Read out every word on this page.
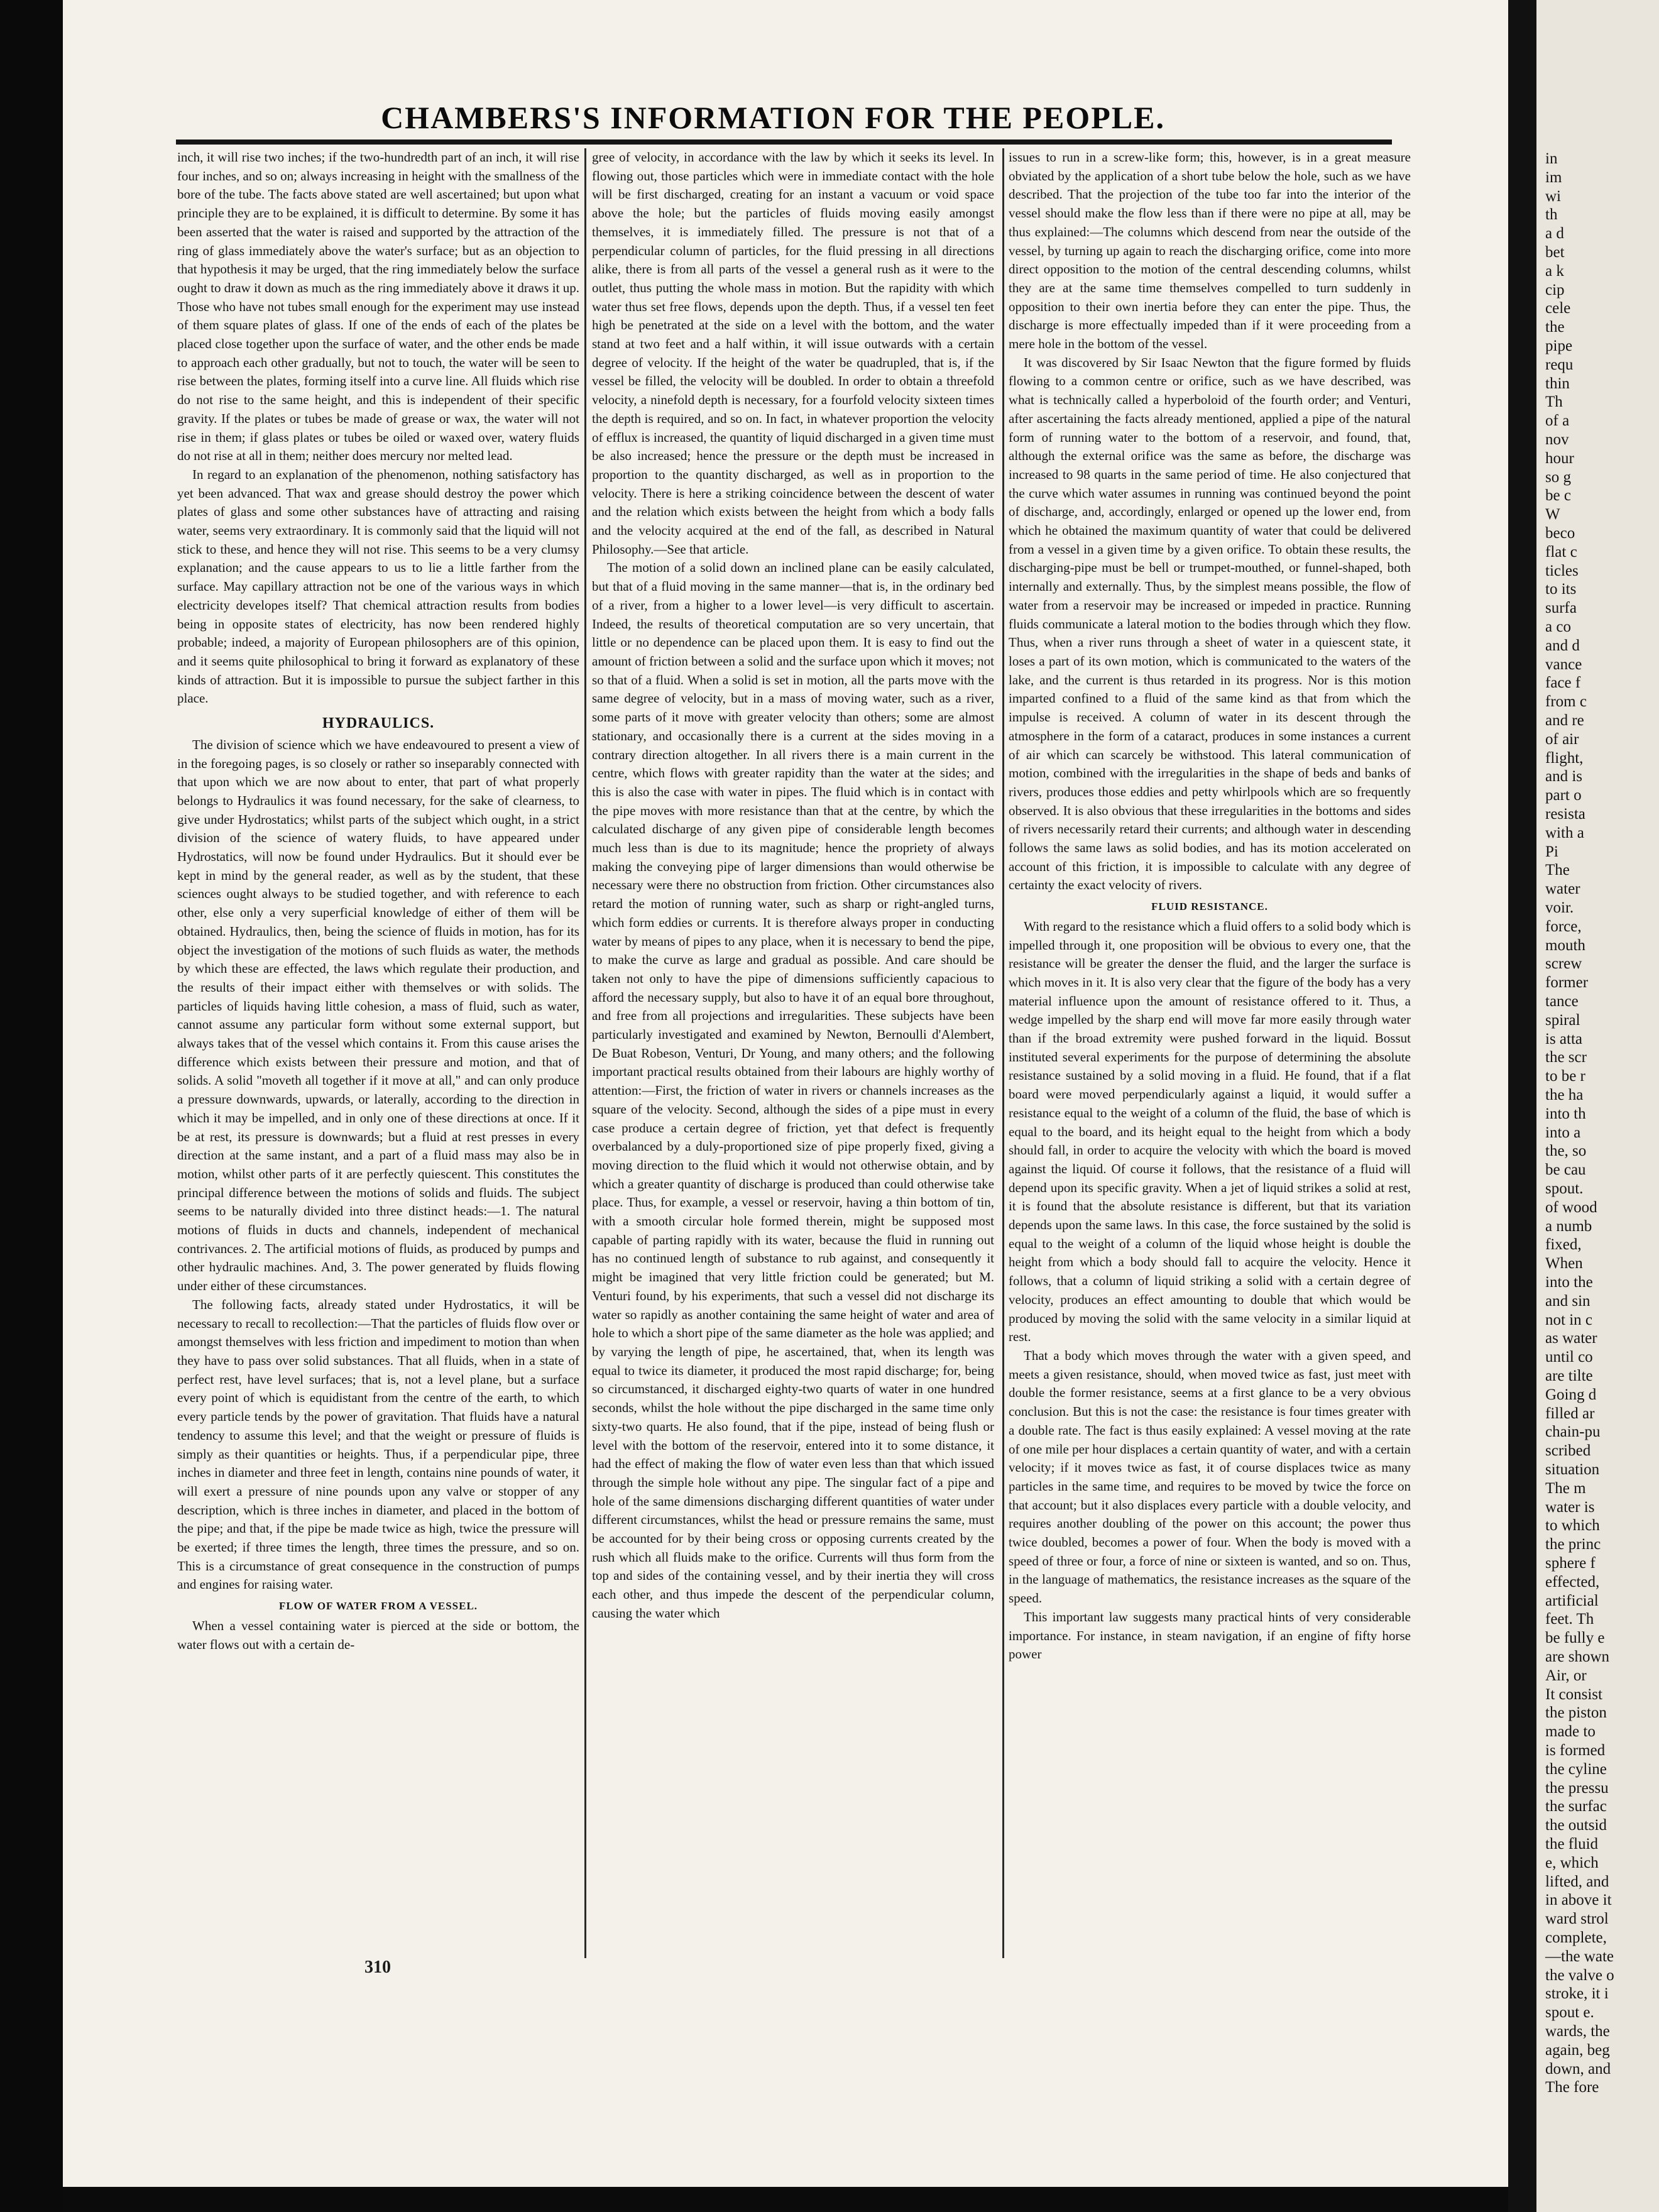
CHAMBERS'S INFORMATION FOR THE PEOPLE.

inch, it will rise two inches; if the two-hundredth part of an inch, it will rise four inches, and so on; always increasing in height with the smallness of the bore of the tube. The facts above stated are well ascertained; but upon what principle they are to be explained, it is difficult to determine. By some it has been asserted that the water is raised and supported by the attraction of the ring of glass immediately above the water's surface; but as an objection to that hypothesis it may be urged, that the ring immediately below the surface ought to draw it down as much as the ring immediately above it draws it up. Those who have not tubes small enough for the experiment may use instead of them square plates of glass. If one of the ends of each of the plates be placed close together upon the surface of water, and the other ends be made to approach each other gradually, but not to touch, the water will be seen to rise between the plates, forming itself into a curve line. All fluids which rise do not rise to the same height, and this is independent of their specific gravity. If the plates or tubes be made of grease or wax, the water will not rise in them; if glass plates or tubes be oiled or waxed over, watery fluids do not rise at all in them; neither does mercury nor melted lead.

In regard to an explanation of the phenomenon, nothing satisfactory has yet been advanced. That wax and grease should destroy the power which plates of glass and some other substances have of attracting and raising water, seems very extraordinary. It is commonly said that the liquid will not stick to these, and hence they will not rise. This seems to be a very clumsy explanation; and the cause appears to us to lie a little farther from the surface. May capillary attraction not be one of the various ways in which electricity developes itself? That chemical attraction results from bodies being in opposite states of electricity, has now been rendered highly probable; indeed, a majority of European philosophers are of this opinion, and it seems quite philosophical to bring it forward as explanatory of these kinds of attraction. But it is impossible to pursue the subject farther in this place.

HYDRAULICS.

The division of science which we have endeavoured to present a view of in the foregoing pages, is so closely or rather so inseparably connected with that upon which we are now about to enter, that part of what properly belongs to Hydraulics it was found necessary, for the sake of clearness, to give under Hydrostatics; whilst parts of the subject which ought, in a strict division of the science of watery fluids, to have appeared under Hydrostatics, will now be found under Hydraulics. But it should ever be kept in mind by the general reader, as well as by the student, that these sciences ought always to be studied together, and with reference to each other, else only a very superficial knowledge of either of them will be obtained. Hydraulics, then, being the science of fluids in motion, has for its object the investigation of the motions of such fluids as water, the methods by which these are effected, the laws which regulate their production, and the results of their impact either with themselves or with solids. The particles of liquids having little cohesion, a mass of fluid, such as water, cannot assume any particular form without some external support, but always takes that of the vessel which contains it. From this cause arises the difference which exists between their pressure and motion, and that of solids. A solid "moveth all together if it move at all," and can only produce a pressure downwards, upwards, or laterally, according to the direction in which it may be impelled, and in only one of these directions at once. If it be at rest, its pressure is downwards; but a fluid at rest presses in every direction at the same instant, and a part of a fluid mass may also be in motion, whilst other parts of it are perfectly quiescent. This constitutes the principal difference between the motions of solids and fluids. The subject seems to be naturally divided into three distinct heads:—1. The natural motions of fluids in ducts and channels, independent of mechanical contrivances. 2. The artificial motions of fluids, as produced by pumps and other hydraulic machines. And, 3. The power generated by fluids flowing under either of these circumstances.

The following facts, already stated under Hydrostatics, it will be necessary to recall to recollection:—That the particles of fluids flow over or amongst themselves with less friction and impediment to motion than when they have to pass over solid substances. That all fluids, when in a state of perfect rest, have level surfaces; that is, not a level plane, but a surface every point of which is equidistant from the centre of the earth, to which every particle tends by the power of gravitation. That fluids have a natural tendency to assume this level; and that the weight or pressure of fluids is simply as their quantities or heights. Thus, if a perpendicular pipe, three inches in diameter and three feet in length, contains nine pounds of water, it will exert a pressure of nine pounds upon any valve or stopper of any description, which is three inches in diameter, and placed in the bottom of the pipe; and that, if the pipe be made twice as high, twice the pressure will be exerted; if three times the length, three times the pressure, and so on. This is a circumstance of great consequence in the construction of pumps and engines for raising water.

FLOW OF WATER FROM A VESSEL.

When a vessel containing water is pierced at the side or bottom, the water flows out with a certain de-

gree of velocity, in accordance with the law by which it seeks its level. In flowing out, those particles which were in immediate contact with the hole will be first discharged, creating for an instant a vacuum or void space above the hole; but the particles of fluids moving easily amongst themselves, it is immediately filled. The pressure is not that of a perpendicular column of particles, for the fluid pressing in all directions alike, there is from all parts of the vessel a general rush as it were to the outlet, thus putting the whole mass in motion. But the rapidity with which water thus set free flows, depends upon the depth. Thus, if a vessel ten feet high be penetrated at the side on a level with the bottom, and the water stand at two feet and a half within, it will issue outwards with a certain degree of velocity. If the height of the water be quadrupled, that is, if the vessel be filled, the velocity will be doubled. In order to obtain a threefold velocity, a ninefold depth is necessary, for a fourfold velocity sixteen times the depth is required, and so on. In fact, in whatever proportion the velocity of efflux is increased, the quantity of liquid discharged in a given time must be also increased; hence the pressure or the depth must be increased in proportion to the quantity discharged, as well as in proportion to the velocity. There is here a striking coincidence between the descent of water and the relation which exists between the height from which a body falls and the velocity acquired at the end of the fall, as described in Natural Philosophy.—See that article.

The motion of a solid down an inclined plane can be easily calculated, but that of a fluid moving in the same manner—that is, in the ordinary bed of a river, from a higher to a lower level—is very difficult to ascertain. Indeed, the results of theoretical computation are so very uncertain, that little or no dependence can be placed upon them. It is easy to find out the amount of friction between a solid and the surface upon which it moves; not so that of a fluid. When a solid is set in motion, all the parts move with the same degree of velocity, but in a mass of moving water, such as a river, some parts of it move with greater velocity than others; some are almost stationary, and occasionally there is a current at the sides moving in a contrary direction altogether. In all rivers there is a main current in the centre, which flows with greater rapidity than the water at the sides; and this is also the case with water in pipes. The fluid which is in contact with the pipe moves with more resistance than that at the centre, by which the calculated discharge of any given pipe of considerable length becomes much less than is due to its magnitude; hence the propriety of always making the conveying pipe of larger dimensions than would otherwise be necessary were there no obstruction from friction. Other circumstances also retard the motion of running water, such as sharp or right-angled turns, which form eddies or currents. It is therefore always proper in conducting water by means of pipes to any place, when it is necessary to bend the pipe, to make the curve as large and gradual as possible. And care should be taken not only to have the pipe of dimensions sufficiently capacious to afford the necessary supply, but also to have it of an equal bore throughout, and free from all projections and irregularities. These subjects have been particularly investigated and examined by Newton, Bernoulli d'Alembert, De Buat Robeson, Venturi, Dr Young, and many others; and the following important practical results obtained from their labours are highly worthy of attention:—First, the friction of water in rivers or channels increases as the square of the velocity. Second, although the sides of a pipe must in every case produce a certain degree of friction, yet that defect is frequently overbalanced by a duly-proportioned size of pipe properly fixed, giving a moving direction to the fluid which it would not otherwise obtain, and by which a greater quantity of discharge is produced than could otherwise take place. Thus, for example, a vessel or reservoir, having a thin bottom of tin, with a smooth circular hole formed therein, might be supposed most capable of parting rapidly with its water, because the fluid in running out has no continued length of substance to rub against, and consequently it might be imagined that very little friction could be generated; but M. Venturi found, by his experiments, that such a vessel did not discharge its water so rapidly as another containing the same height of water and area of hole to which a short pipe of the same diameter as the hole was applied; and by varying the length of pipe, he ascertained, that, when its length was equal to twice its diameter, it produced the most rapid discharge; for, being so circumstanced, it discharged eighty-two quarts of water in one hundred seconds, whilst the hole without the pipe discharged in the same time only sixty-two quarts. He also found, that if the pipe, instead of being flush or level with the bottom of the reservoir, entered into it to some distance, it had the effect of making the flow of water even less than that which issued through the simple hole without any pipe. The singular fact of a pipe and hole of the same dimensions discharging different quantities of water under different circumstances, whilst the head or pressure remains the same, must be accounted for by their being cross or opposing currents created by the rush which all fluids make to the orifice. Currents will thus form from the top and sides of the containing vessel, and by their inertia they will cross each other, and thus impede the descent of the perpendicular column, causing the water which

issues to run in a screw-like form; this, however, is in a great measure obviated by the application of a short tube below the hole, such as we have described. That the projection of the tube too far into the interior of the vessel should make the flow less than if there were no pipe at all, may be thus explained:—The columns which descend from near the outside of the vessel, by turning up again to reach the discharging orifice, come into more direct opposition to the motion of the central descending columns, whilst they are at the same time themselves compelled to turn suddenly in opposition to their own inertia before they can enter the pipe. Thus, the discharge is more effectually impeded than if it were proceeding from a mere hole in the bottom of the vessel.

It was discovered by Sir Isaac Newton that the figure formed by fluids flowing to a common centre or orifice, such as we have described, was what is technically called a hyperboloid of the fourth order; and Venturi, after ascertaining the facts already mentioned, applied a pipe of the natural form of running water to the bottom of a reservoir, and found, that, although the external orifice was the same as before, the discharge was increased to 98 quarts in the same period of time. He also conjectured that the curve which water assumes in running was continued beyond the point of discharge, and, accordingly, enlarged or opened up the lower end, from which he obtained the maximum quantity of water that could be delivered from a vessel in a given time by a given orifice. To obtain these results, the discharging-pipe must be bell or trumpet-mouthed, or funnel-shaped, both internally and externally. Thus, by the simplest means possible, the flow of water from a reservoir may be increased or impeded in practice. Running fluids communicate a lateral motion to the bodies through which they flow. Thus, when a river runs through a sheet of water in a quiescent state, it loses a part of its own motion, which is communicated to the waters of the lake, and the current is thus retarded in its progress. Nor is this motion imparted confined to a fluid of the same kind as that from which the impulse is received. A column of water in its descent through the atmosphere in the form of a cataract, produces in some instances a current of air which can scarcely be withstood. This lateral communication of motion, combined with the irregularities in the shape of beds and banks of rivers, produces those eddies and petty whirlpools which are so frequently observed. It is also obvious that these irregularities in the bottoms and sides of rivers necessarily retard their currents; and although water in descending follows the same laws as solid bodies, and has its motion accelerated on account of this friction, it is impossible to calculate with any degree of certainty the exact velocity of rivers.

FLUID RESISTANCE.

With regard to the resistance which a fluid offers to a solid body which is impelled through it, one proposition will be obvious to every one, that the resistance will be greater the denser the fluid, and the larger the surface is which moves in it. It is also very clear that the figure of the body has a very material influence upon the amount of resistance offered to it. Thus, a wedge impelled by the sharp end will move far more easily through water than if the broad extremity were pushed forward in the liquid. Bossut instituted several experiments for the purpose of determining the absolute resistance sustained by a solid moving in a fluid. He found, that if a flat board were moved perpendicularly against a liquid, it would suffer a resistance equal to the weight of a column of the fluid, the base of which is equal to the board, and its height equal to the height from which a body should fall, in order to acquire the velocity with which the board is moved against the liquid. Of course it follows, that the resistance of a fluid will depend upon its specific gravity. When a jet of liquid strikes a solid at rest, it is found that the absolute resistance is different, but that its variation depends upon the same laws. In this case, the force sustained by the solid is equal to the weight of a column of the liquid whose height is double the height from which a body should fall to acquire the velocity. Hence it follows, that a column of liquid striking a solid with a certain degree of velocity, produces an effect amounting to double that which would be produced by moving the solid with the same velocity in a similar liquid at rest.

That a body which moves through the water with a given speed, and meets a given resistance, should, when moved twice as fast, just meet with double the former resistance, seems at a first glance to be a very obvious conclusion. But this is not the case: the resistance is four times greater with a double rate. The fact is thus easily explained: A vessel moving at the rate of one mile per hour displaces a certain quantity of water, and with a certain velocity; if it moves twice as fast, it of course displaces twice as many particles in the same time, and requires to be moved by twice the force on that account; but it also displaces every particle with a double velocity, and requires another doubling of the power on this account; the power thus twice doubled, becomes a power of four. When the body is moved with a speed of three or four, a force of nine or sixteen is wanted, and so on. Thus, in the language of mathematics, the resistance increases as the square of the speed.

This important law suggests many practical hints of very considerable importance. For instance, in steam navigation, if an engine of fifty horse power

310
in
im
wi
th
a d
bet
a k
cip
cele
the
pipe
requ
thin
Th
of a
nov
hour
so g
be c
W
beco
flat c
ticles
to its
surfa
a co
and d
vance
face f
from c
and re
of air
flight,
and is
part o
resista
with a
Pi
The
water
voir.
force,
mouth
screw
former
tance
spiral
is atta
the scr
to be r
the ha
into th
into a
the, so
be cau
spout.
of wood
a numb
fixed,
When
into the
and sin
not in c
as water
until co
are tilte
Going d
filled ar
chain-pu
scribed
situation
The m
water is
to which
the princ
sphere f
effected,
artificial
feet. Th
be fully e
are shown
Air, or
It consist
the piston
made to
is formed
the cyline
the pressu
the surfac
the outsid
the fluid
e, which
lifted, and
in above it
ward strol
complete,
—the wate
the valve o
stroke, it i
spout e.
wards, the
again, beg
down, and
The fore
